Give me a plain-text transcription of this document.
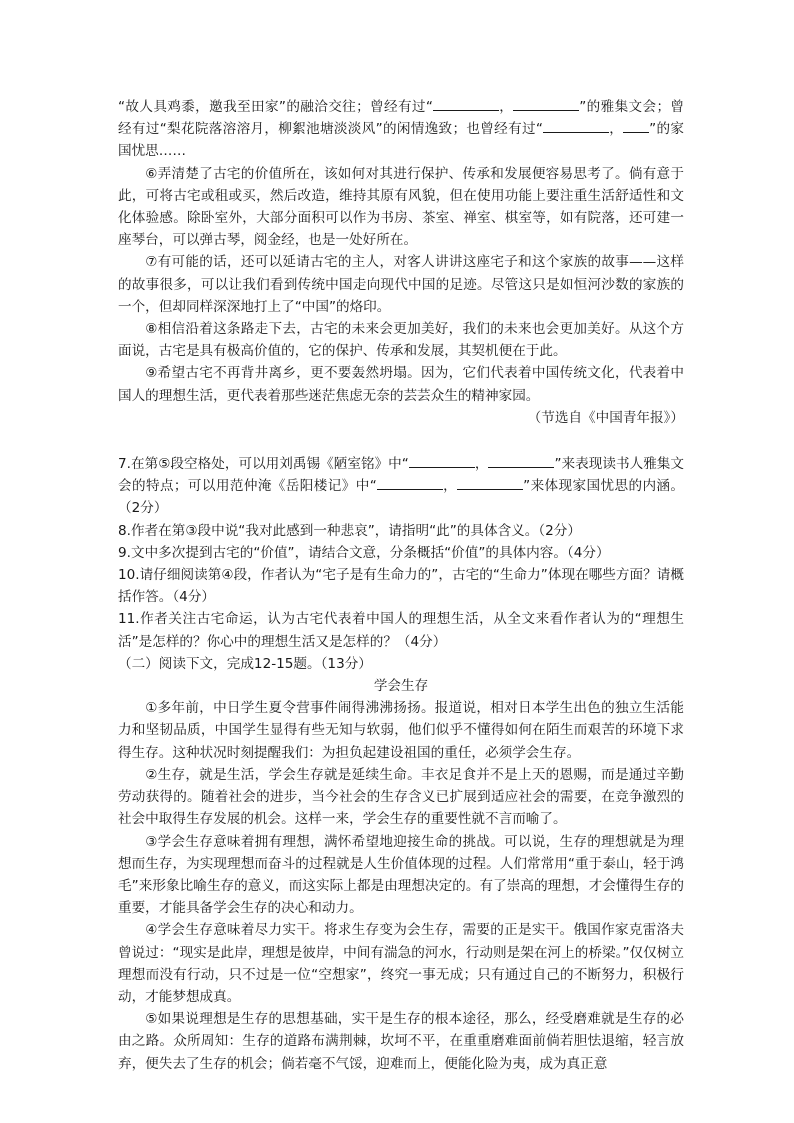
“故人具鸡黍，邀我至田家”的融洽交往；曾经有过“	，	”的雅集文会；曾经有过“梨花院落溶溶月，柳絮池塘淡淡风”的闲情逸致；也曾经有过“	， ”的家国忧思……

⑥弄清楚了古宅的价值所在，该如何对其进行保护、传承和发展便容易思考了。倘有意于此，可将古宅或租或买，然后改造，维持其原有风貌，但在使用功能上要注重生活舒适性和文化体验感。除卧室外，大部分面积可以作为书房、茶室、禅室、棋室等，如有院落，还可建一座琴台，可以弹古琴，阅金经，也是一处好所在。

⑦有可能的话，还可以延请古宅的主人，对客人讲讲这座宅子和这个家族的故事——这样的故事很多，可以让我们看到传统中国走向现代中国的足迹。尽管这只是如恒河沙数的家族的一个，但却同样深深地打上了“中国”的烙印。

⑧相信沿着这条路走下去，古宅的未来会更加美好，我们的未来也会更加美好。从这个方面说，古宅是具有极高价值的，它的保护、传承和发展，其契机便在于此。

⑨希望古宅不再背井离乡，更不要轰然坍塌。因为，它们代表着中国传统文化，代表着中国人的理想生活，更代表着那些迷茫焦虑无奈的芸芸众生的精神家园。

（节选自《中国青年报》）

7.在第⑤段空格处，可以用刘禹锡《陋室铭》中“	，	”来表现读书人雅集文会的特点；可以用范仲淹《岳阳楼记》中“	，	”来体现家国忧思的内涵。（2分）

8.作者在第③段中说“我对此感到一种悲哀”，请指明“此”的具体含义。（2分）

9.文中多次提到古宅的“价值”，请结合文意，分条概括“价值”的具体内容。（4分）

10.请仔细阅读第④段，作者认为“宅子是有生命力的”，古宅的“生命力”体现在哪些方面？请概括作答。（4分）

11.作者关注古宅命运，认为古宅代表着中国人的理想生活，从全文来看作者认为的“理想生活”是怎样的？你心中的理想生活又是怎样的？（4分）

（二）阅读下文，完成12-15题。（13分）

学会生存

①多年前，中日学生夏令营事件闹得沸沸扬扬。报道说，相对日本学生出色的独立生活能力和坚韧品质，中国学生显得有些无知与软弱，他们似乎不懂得如何在陌生而艰苦的环境下求得生存。这种状况时刻提醒我们：为担负起建设祖国的重任，必须学会生存。

②生存，就是生活，学会生存就是延续生命。丰衣足食并不是上天的恩赐，而是通过辛勤劳动获得的。随着社会的进步，当今社会的生存含义已扩展到适应社会的需要，在竞争激烈的社会中取得生存发展的机会。这样一来，学会生存的重要性就不言而喻了。

③学会生存意味着拥有理想，满怀希望地迎接生命的挑战。可以说，生存的理想就是为理想而生存，为实现理想而奋斗的过程就是人生价值体现的过程。人们常常用“重于泰山，轻于鸿毛”来形象比喻生存的意义，而这实际上都是由理想决定的。有了崇高的理想，才会懂得生存的重要，才能具备学会生存的决心和动力。

④学会生存意味着尽力实干。将求生存变为会生存，需要的正是实干。俄国作家克雷洛夫曾说过：“现实是此岸，理想是彼岸，中间有湍急的河水，行动则是架在河上的桥梁。”仅仅树立理想而没有行动，只不过是一位“空想家”，终究一事无成；只有通过自己的不断努力，积极行动，才能梦想成真。

⑤如果说理想是生存的思想基础，实干是生存的根本途径，那么，经受磨难就是生存的必由之路。众所周知：生存的道路布满荆棘，坎坷不平，在重重磨难面前倘若胆怯退缩，轻言放弃，便失去了生存的机会；倘若毫不气馁，迎难而上，便能化险为夷，成为真正意
